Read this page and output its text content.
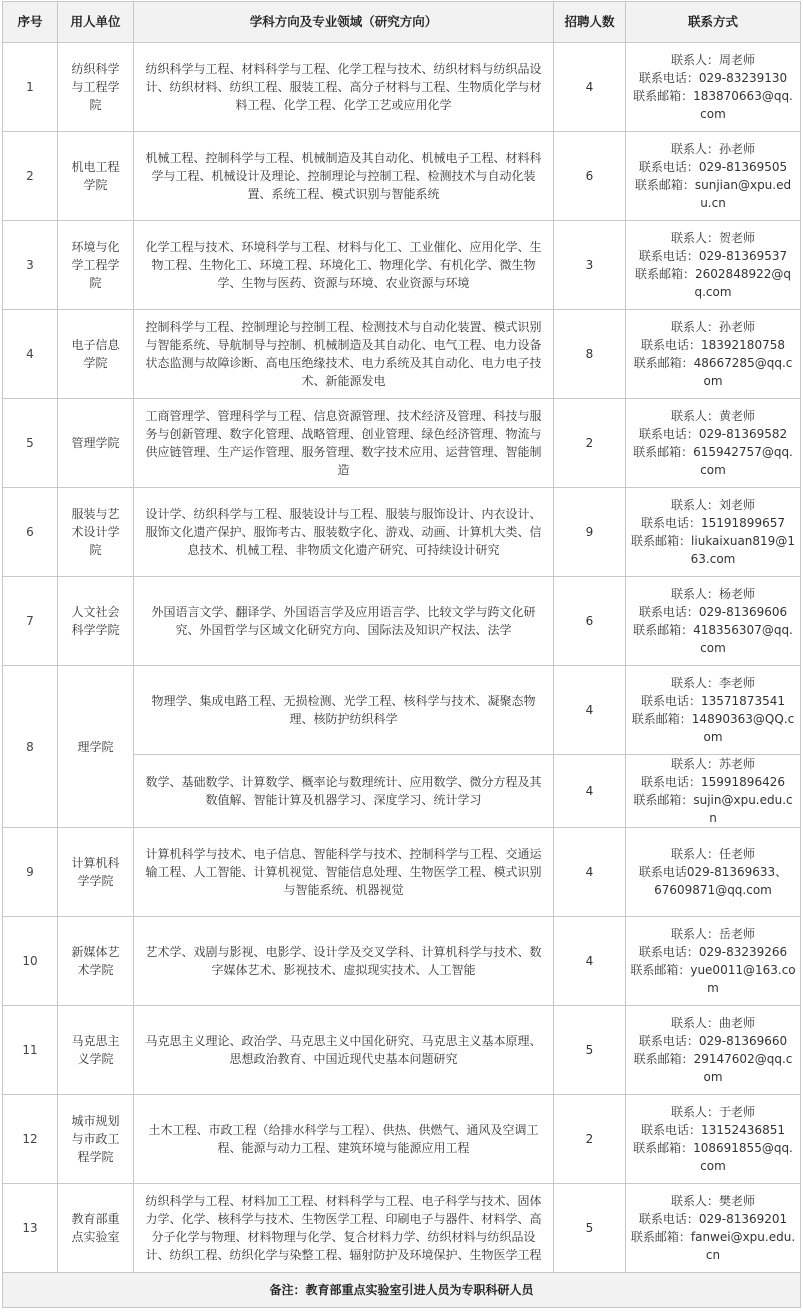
序号	用人单位	学科方向及专业领域（研究方向）	招聘人数	联系方式
1	纺织科学与工程学院	纺织科学与工程、材料科学与工程、化学工程与技术、纺织材料与纺织品设计、纺织材料、纺织工程、服装工程、高分子材料与工程、生物质化学与材料工程、化学工程、化学工艺或应用化学	4	联系人：周老师
联系电话：029-83239130
联系邮箱：183870663@qq.com

2	机电工程学院	机械工程、控制科学与工程、机械制造及其自动化、机械电子工程、材料科学与工程、机械设计及理论、控制理论与控制工程、检测技术与自动化装置、系统工程、模式识别与智能系统	6	联系人：孙老师
联系电话：029-81369505
联系邮箱：sunjian@xpu.edu.cn

3	环境与化学工程学院	化学工程与技术、环境科学与工程、材料与化工、工业催化、应用化学、生物工程、生物化工、环境工程、环境化工、物理化学、有机化学、微生物学、生物与医药、资源与环境、农业资源与环境	3	联系人：贺老师
联系电话：029-81369537
联系邮箱：2602848922@qq.com

4	电子信息学院	控制科学与工程、控制理论与控制工程、检测技术与自动化装置、模式识别与智能系统、导航制导与控制、机械制造及其自动化、电气工程、电力设备状态监测与故障诊断、高电压绝缘技术、电力系统及其自动化、电力电子技术、新能源发电	8	联系人：孙老师
联系电话：18392180758
联系邮箱：48667285@qq.com

5	管理学院	工商管理学、管理科学与工程、信息资源管理、技术经济及管理、科技与服务与创新管理、数字化管理、战略管理、创业管理、绿色经济管理、物流与供应链管理、生产运作管理、服务管理、数字技术应用、运营管理、智能制造	2	联系人：黄老师
联系电话：029-81369582
联系邮箱：615942757@qq.com

6	服装与艺术设计学院	设计学、纺织科学与工程、服装设计与工程、服装与服饰设计、内衣设计、服饰文化遗产保护、服饰考古、服装数字化、游戏、动画、计算机大类、信息技术、机械工程、非物质文化遗产研究、可持续设计研究	9	联系人：刘老师
联系电话：15191899657
联系邮箱：liukaixuan819@163.com

7	人文社会科学学院	外国语言文学、翻译学、外国语言学及应用语言学、比较文学与跨文化研究、外国哲学与区域文化研究方向、国际法及知识产权法、法学	6	联系人：杨老师
联系电话：029-81369606
联系邮箱：418356307@qq.com

8	理学院	物理学、集成电路工程、无损检测、光学工程、核科学与技术、凝聚态物理、核防护纺织科学	4	联系人：李老师
联系电话：13571873541
联系邮箱：14890363@QQ.com

		数学、基础数学、计算数学、概率论与数理统计、应用数学、微分方程及其数值解、智能计算及机器学习、深度学习、统计学习	4	联系人：苏老师
联系电话：15991896426
联系邮箱：sujin@xpu.edu.cn

9	计算机科学学院	计算机科学与技术、电子信息、智能科学与技术、控制科学与工程、交通运输工程、人工智能、计算机视觉、智能信息处理、生物医学工程、模式识别与智能系统、机器视觉	4	联系人：任老师
联系电话029-81369633、
67609871@qq.com

10	新媒体艺术学院	艺术学、戏剧与影视、电影学、设计学及交叉学科、计算机科学与技术、数字媒体艺术、影视技术、虚拟现实技术、人工智能	4	联系人：岳老师
联系电话：029-83239266
联系邮箱：yue0011@163.com

11	马克思主义学院	马克思主义理论、政治学、马克思主义中国化研究、马克思主义基本原理、思想政治教育、中国近现代史基本问题研究	5	联系人：曲老师
联系电话：029-81369660
联系邮箱：29147602@qq.com

12	城市规划与市政工程学院	土木工程、市政工程（给排水科学与工程）、供热、供燃气、通风及空调工程、能源与动力工程、建筑环境与能源应用工程	2	联系人：于老师
联系电话：13152436851
联系邮箱：108691855@qq.com

13	教育部重点实验室	纺织科学与工程、材料加工工程、材料科学与工程、电子科学与技术、固体力学、化学、核科学与技术、生物医学工程、印刷电子与器件、材料学、高分子化学与物理、材料物理与化学、复合材料力学、纺织材料与纺织品设计、纺织工程、纺织化学与染整工程、辐射防护及环境保护、生物医学工程	5	联系人：樊老师
联系电话：029-81369201
联系邮箱：fanwei@xpu.edu.cn

备注：教育部重点实验室引进人员为专职科研人员				
